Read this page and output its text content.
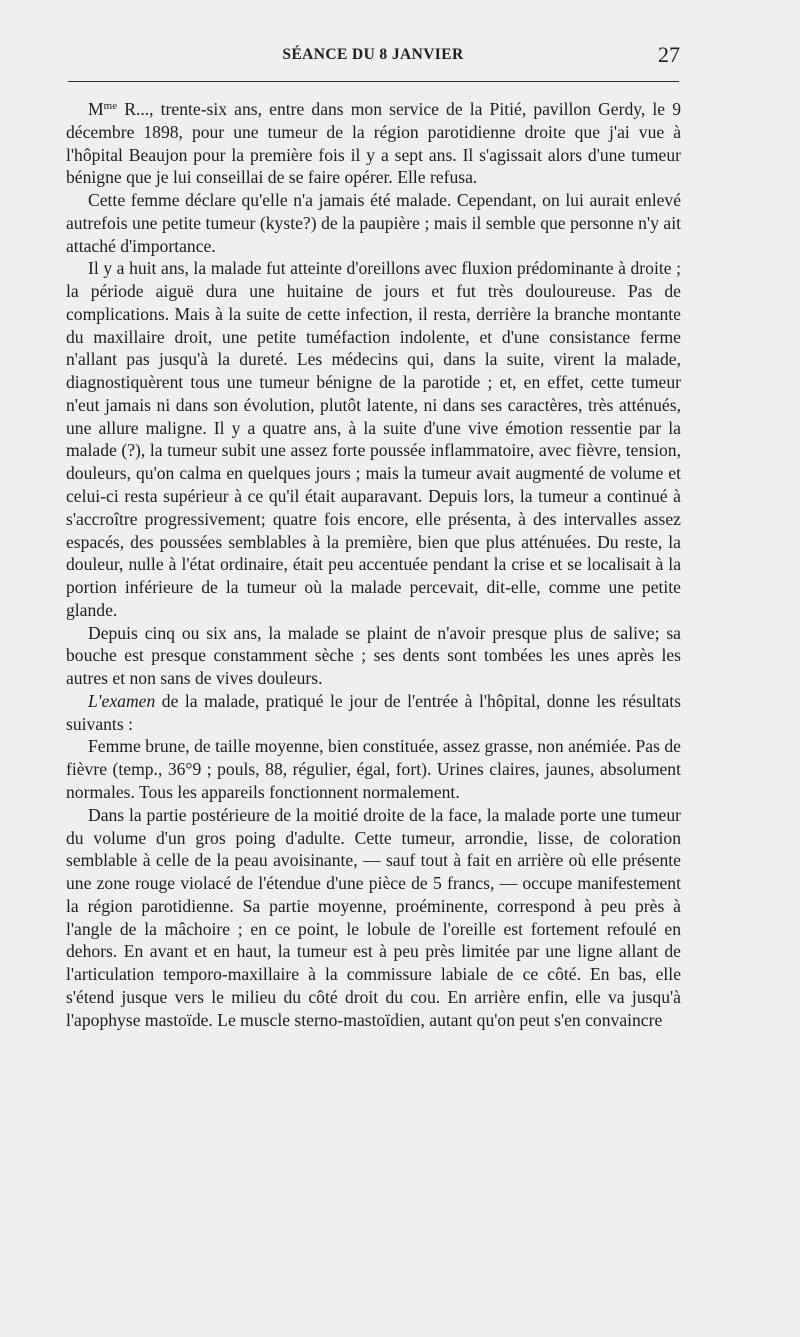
SÉANCE DU 8 JANVIER	27

$M^{me}$ R..., trente-six ans, entre dans mon service de la Pitié, pavillon Gerdy, le 9 décembre 1898, pour une tumeur de la région parotidienne droite que j'ai vue à l'hôpital Beaujon pour la première fois il y a sept ans. Il s'agissait alors d'une tumeur bénigne que je lui conseillai de se faire opérer. Elle refusa.

Cette femme déclare qu'elle n'a jamais été malade. Cependant, on lui aurait enlevé autrefois une petite tumeur (kyste?) de la paupière ; mais il semble que personne n'y ait attaché d'importance.

Il y a huit ans, la malade fut atteinte d'oreillons avec fluxion prédominante à droite ; la période aiguë dura une huitaine de jours et fut très douloureuse. Pas de complications. Mais à la suite de cette infection, il resta, derrière la branche montante du maxillaire droit, une petite tuméfaction indolente, et d'une consistance ferme n'allant pas jusqu'à la dureté. Les médecins qui, dans la suite, virent la malade, diagnostiquèrent tous une tumeur bénigne de la parotide ; et, en effet, cette tumeur n'eut jamais ni dans son évolution, plutôt latente, ni dans ses caractères, très atténués, une allure maligne. Il y a quatre ans, à la suite d'une vive émotion ressentie par la malade (?), la tumeur subit une assez forte poussée inflammatoire, avec fièvre, tension, douleurs, qu'on calma en quelques jours ; mais la tumeur avait augmenté de volume et celui-ci resta supérieur à ce qu'il était auparavant. Depuis lors, la tumeur a continué à s'accroître progressivement; quatre fois encore, elle présenta, à des intervalles assez espacés, des poussées semblables à la première, bien que plus atténuées. Du reste, la douleur, nulle à l'état ordinaire, était peu accentuée pendant la crise et se localisait à la portion inférieure de la tumeur où la malade percevait, dit-elle, comme une petite glande.

Depuis cinq ou six ans, la malade se plaint de n'avoir presque plus de salive; sa bouche est presque constamment sèche ; ses dents sont tombées les unes après les autres et non sans de vives douleurs.

L'examen de la malade, pratiqué le jour de l'entrée à l'hôpital, donne les résultats suivants :

Femme brune, de taille moyenne, bien constituée, assez grasse, non anémiée. Pas de fièvre (temp., 36°9 ; pouls, 88, régulier, égal, fort). Urines claires, jaunes, absolument normales. Tous les appareils fonctionnent normalement.

Dans la partie postérieure de la moitié droite de la face, la malade porte une tumeur du volume d'un gros poing d'adulte. Cette tumeur, arrondie, lisse, de coloration semblable à celle de la peau avoisinante, — sauf tout à fait en arrière où elle présente une zone rouge violacé de l'étendue d'une pièce de 5 francs, — occupe manifestement la région parotidienne. Sa partie moyenne, proéminente, correspond à peu près à l'angle de la mâchoire ; en ce point, le lobule de l'oreille est fortement refoulé en dehors. En avant et en haut, la tumeur est à peu près limitée par une ligne allant de l'articulation temporo-maxillaire à la commissure labiale de ce côté. En bas, elle s'étend jusque vers le milieu du côté droit du cou. En arrière enfin, elle va jusqu'à l'apophyse mastoïde. Le muscle sterno-mastoïdien, autant qu'on peut s'en convaincre
